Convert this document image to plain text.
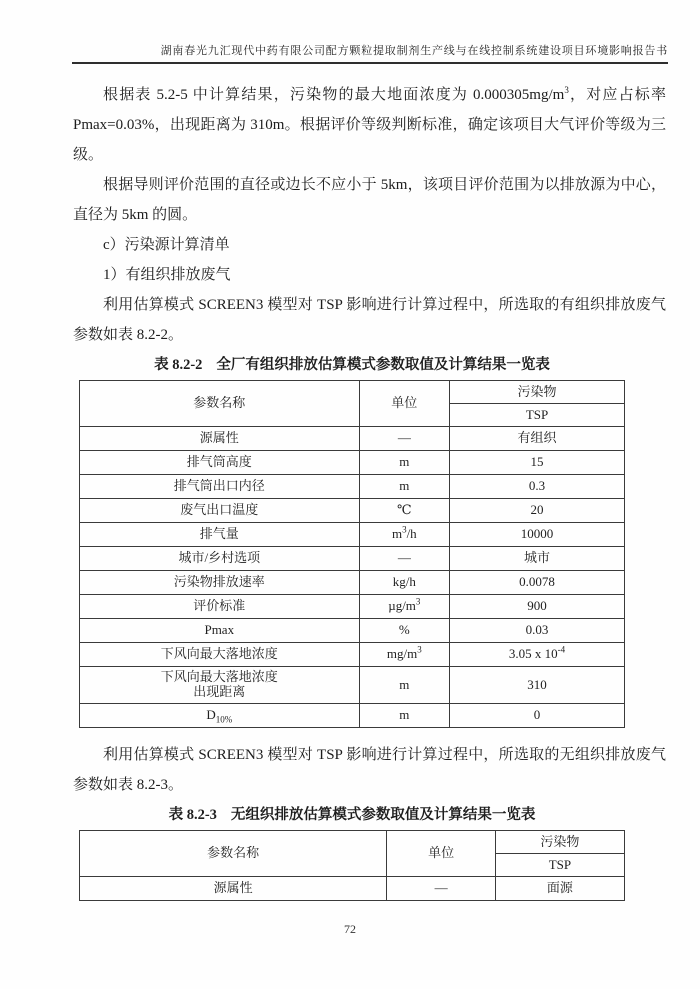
湖南春光九汇现代中药有限公司配方颗粒提取制剂生产线与在线控制系统建设项目环境影响报告书

根据表 5.2-5 中计算结果，污染物的最大地面浓度为 $0.000305mg/m^3$，对应占标率 Pmax=0.03%，出现距离为 310m。根据评价等级判断标准，确定该项目大气评价等级为三级。

根据导则评价范围的直径或边长不应小于 5km，该项目评价范围为以排放源为中心，直径为 5km 的圆。

c）污染源计算清单

1）有组织排放废气

利用估算模式 SCREEN3 模型对 TSP 影响进行计算过程中，所选取的有组织排放废气参数如表 8.2-2。

表 8.2-2 全厂有组织排放估算模式参数取值及计算结果一览表
参数名称	单位	污染物
		TSP
源属性	—	有组织
排气筒高度	m	15
排气筒出口内径	m	0.3
废气出口温度	℃	20
排气量	$m^3/h$	10000
城市/乡村选项	—	城市
污染物排放速率	kg/h	0.0078
评价标准	$\mu g/m^3$	900
Pmax	%	0.03
下风向最大落地浓度	$mg/m^3$	3.05 x $10^{-4}$
下风向最大落地浓度
出现距离	m	310
$D_{10\%}$	m	0

利用估算模式 SCREEN3 模型对 TSP 影响进行计算过程中，所选取的无组织排放废气参数如表 8.2-3。

表 8.2-3 无组织排放估算模式参数取值及计算结果一览表
参数名称	单位	污染物
		TSP
源属性	—	面源
72
